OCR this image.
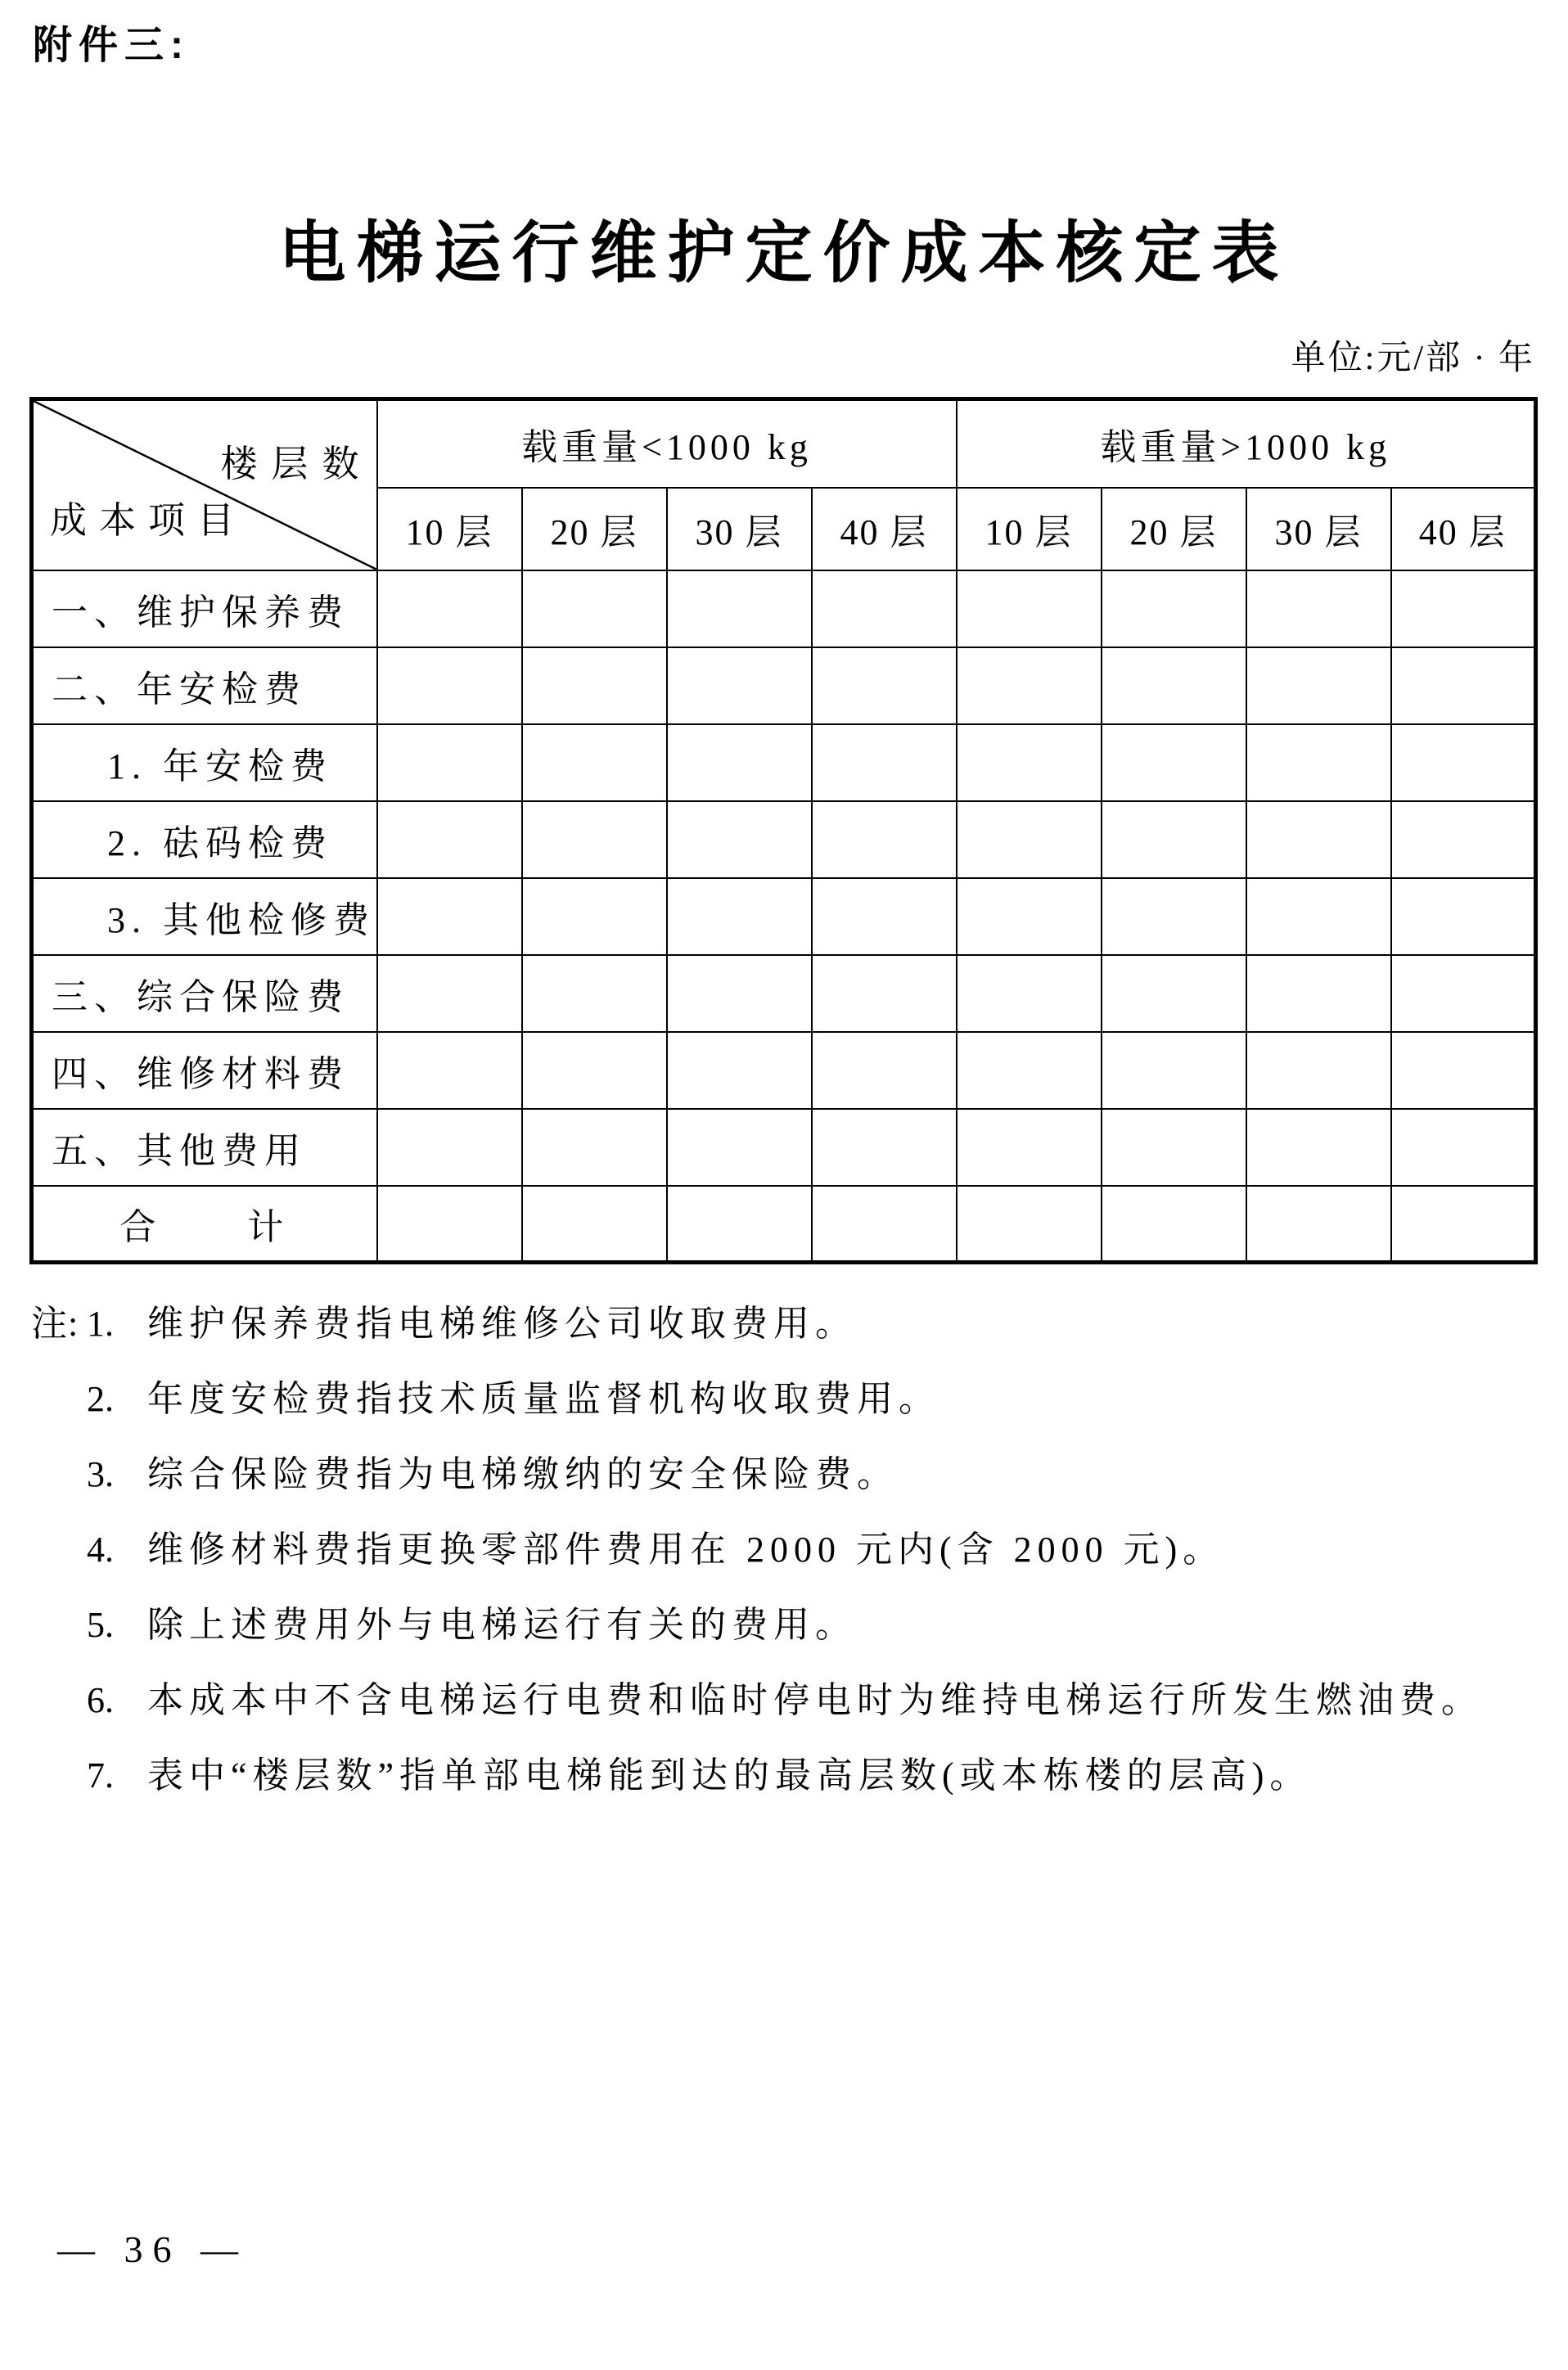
附件三:
电梯运行维护定价成本核定表
单位:元/部 · 年
楼层数
成本项目	载重量<1000 kg				载重量>1000 kg			
	10 层	20 层	30 层	40 层	10 层	20 层	30 层	40 层
一、维护保养费								
二、年安检费								
1. 年安检费								
2. 砝码检费								
3. 其他检修费								
三、综合保险费								
四、维修材料费								
五、其他费用								
合　　计								
注: 1. 维护保养费指电梯维修公司收取费用。
2. 年度安检费指技术质量监督机构收取费用。
3. 综合保险费指为电梯缴纳的安全保险费。
4. 维修材料费指更换零部件费用在 2000 元内(含 2000 元)。
5. 除上述费用外与电梯运行有关的费用。
6. 本成本中不含电梯运行电费和临时停电时为维持电梯运行所发生燃油费。
7. 表中“楼层数”指单部电梯能到达的最高层数(或本栋楼的层高)。
— 36 —
